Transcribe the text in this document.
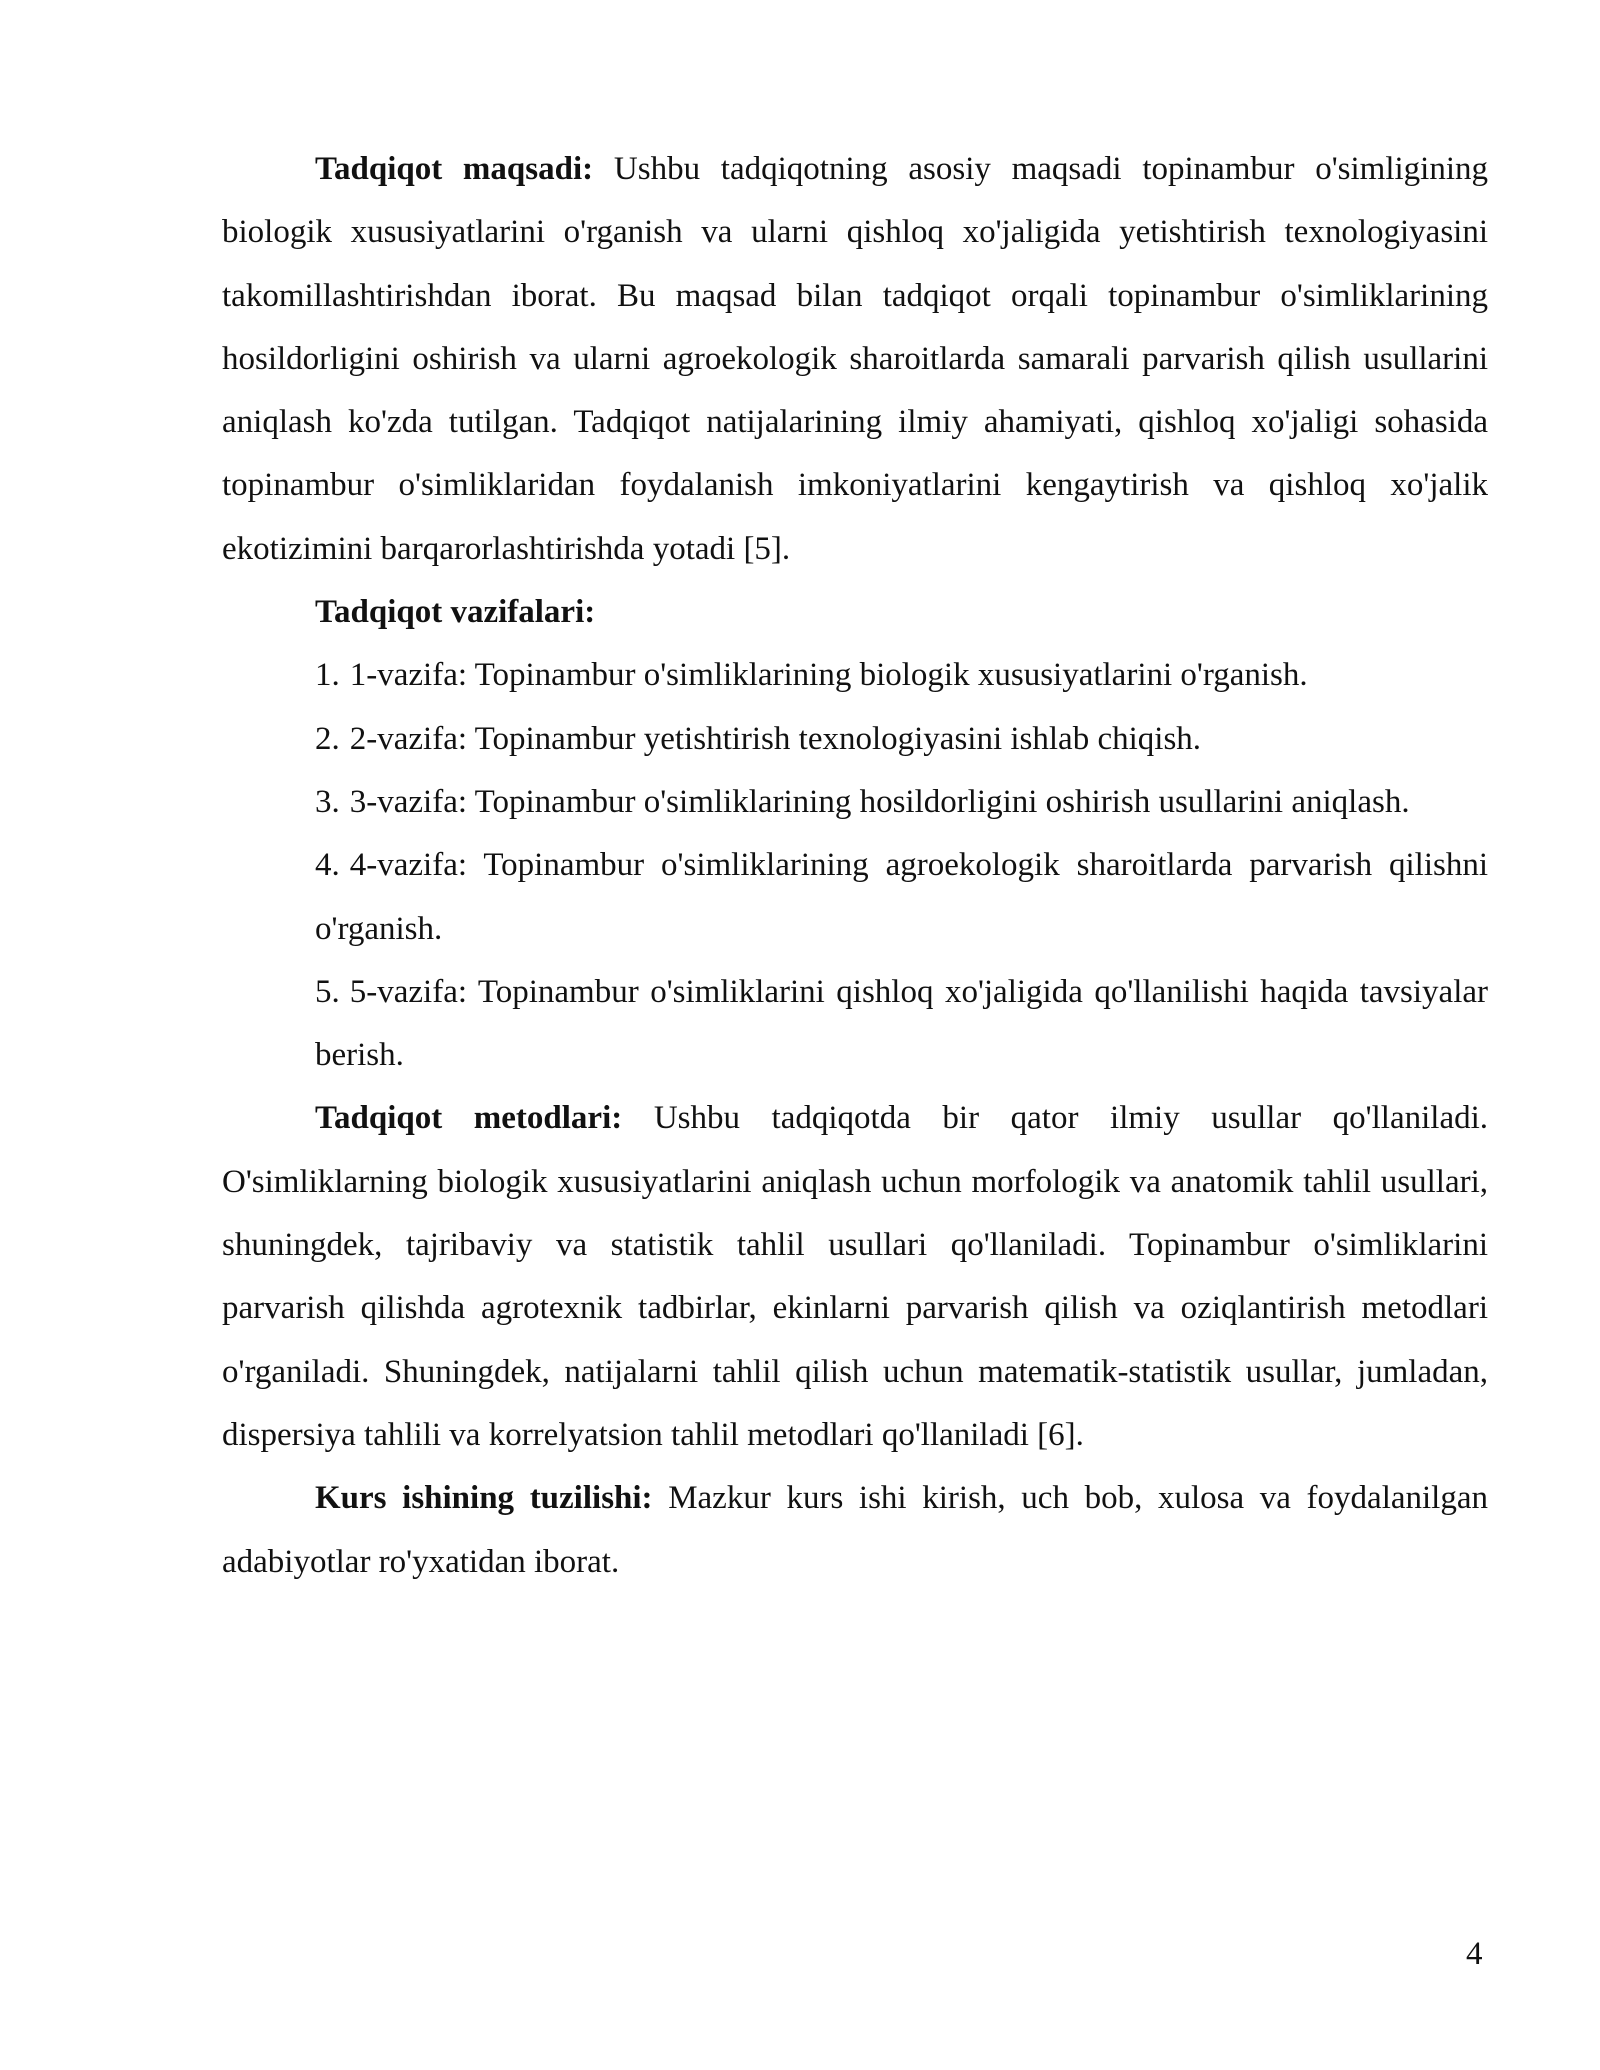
Tadqiqot maqsadi: Ushbu tadqiqotning asosiy maqsadi topinambur o'simligining biologik xususiyatlarini o'rganish va ularni qishloq xo'jaligida yetishtirish texnologiyasini takomillashtirishdan iborat. Bu maqsad bilan tadqiqot orqali topinambur o'simliklarining hosildorligini oshirish va ularni agroekologik sharoitlarda samarali parvarish qilish usullarini aniqlash ko'zda tutilgan. Tadqiqot natijalarining ilmiy ahamiyati, qishloq xo'jaligi sohasida topinambur o'simliklaridan foydalanish imkoniyatlarini kengaytirish va qishloq xo'jalik ekotizimini barqarorlashtirishda yotadi [5].

Tadqiqot vazifalari:

1. 1-vazifa: Topinambur o'simliklarining biologik xususiyatlarini o'rganish.

2. 2-vazifa: Topinambur yetishtirish texnologiyasini ishlab chiqish.

3. 3-vazifa: Topinambur o'simliklarining hosildorligini oshirish usullarini aniqlash.

4. 4-vazifa: Topinambur o'simliklarining agroekologik sharoitlarda parvarish qilishni o'rganish.

5. 5-vazifa: Topinambur o'simliklarini qishloq xo'jaligida qo'llanilishi haqida tavsiyalar berish.

Tadqiqot metodlari: Ushbu tadqiqotda bir qator ilmiy usullar qo'llaniladi. O'simliklarning biologik xususiyatlarini aniqlash uchun morfologik va anatomik tahlil usullari, shuningdek, tajribaviy va statistik tahlil usullari qo'llaniladi. Topinambur o'simliklarini parvarish qilishda agrotexnik tadbirlar, ekinlarni parvarish qilish va oziqlantirish metodlari o'rganiladi. Shuningdek, natijalarni tahlil qilish uchun matematik-statistik usullar, jumladan, dispersiya tahlili va korrelyatsion tahlil metodlari qo'llaniladi [6].

Kurs ishining tuzilishi: Mazkur kurs ishi kirish, uch bob, xulosa va foydalanilgan adabiyotlar ro'yxatidan iborat.

4
